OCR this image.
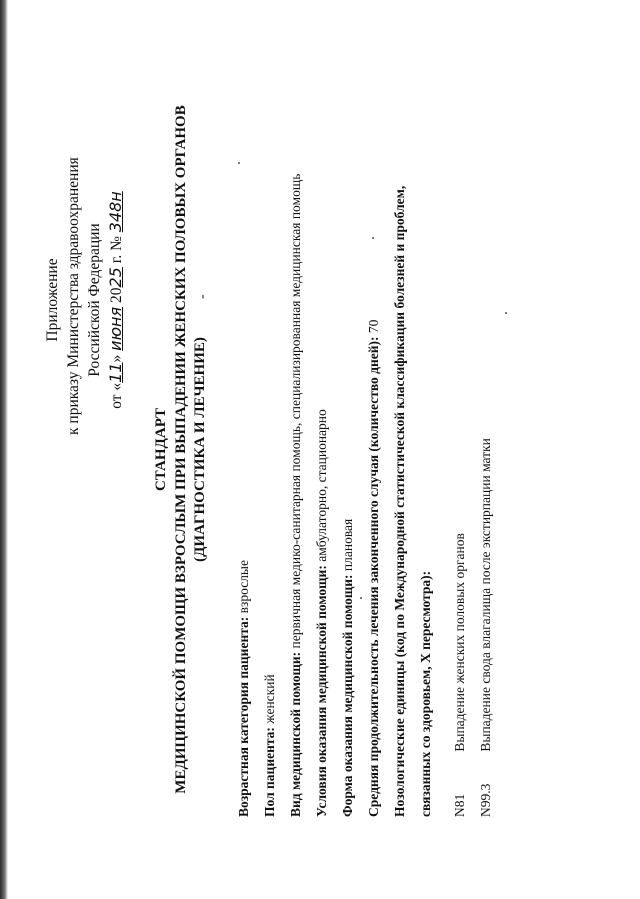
Приложение к приказу Министерства здравоохранения Российской Федерации
от «11» июня 2025 г. № 348н
СТАНДАРТ МЕДИЦИНСКОЙ ПОМОЩИ ВЗРОСЛЫМ ПРИ ВЫПАДЕНИИ ЖЕНСКИХ ПОЛОВЫХ ОРГАНОВ (ДИАГНОСТИКА И ЛЕЧЕНИЕ)
-
Возрастная категория пациента: взрослые
Пол пациента: женский Вид медицинской помощи: первичная медико-санитарная помощь, специализированная медицинская помощь
Условия оказания медицинской помощи: амбулаторно, стационарно
Форма оказания медицинской помощи: плановая Средняя продолжительность лечения законченного случая (количество дней): 70 Нозологические единицы (код по Международной статистической классификации болезней и проблем, связанных со здоровьем, X пересмотра): N81 Выпадение женских половых органов
N99.3 Выпадение свода влагалища после экстирпации матки
